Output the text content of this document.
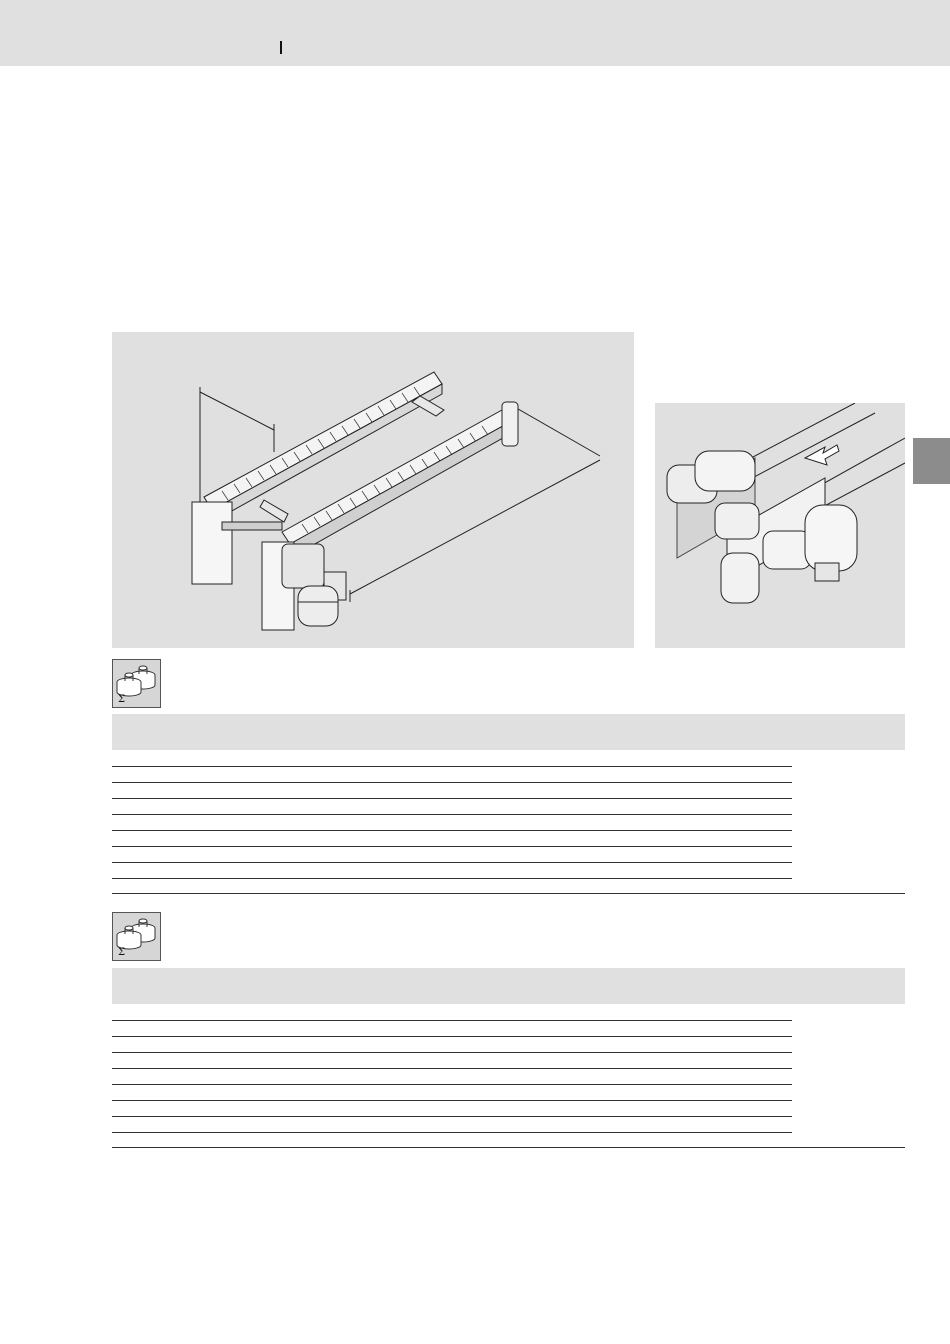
Σ
Σ
